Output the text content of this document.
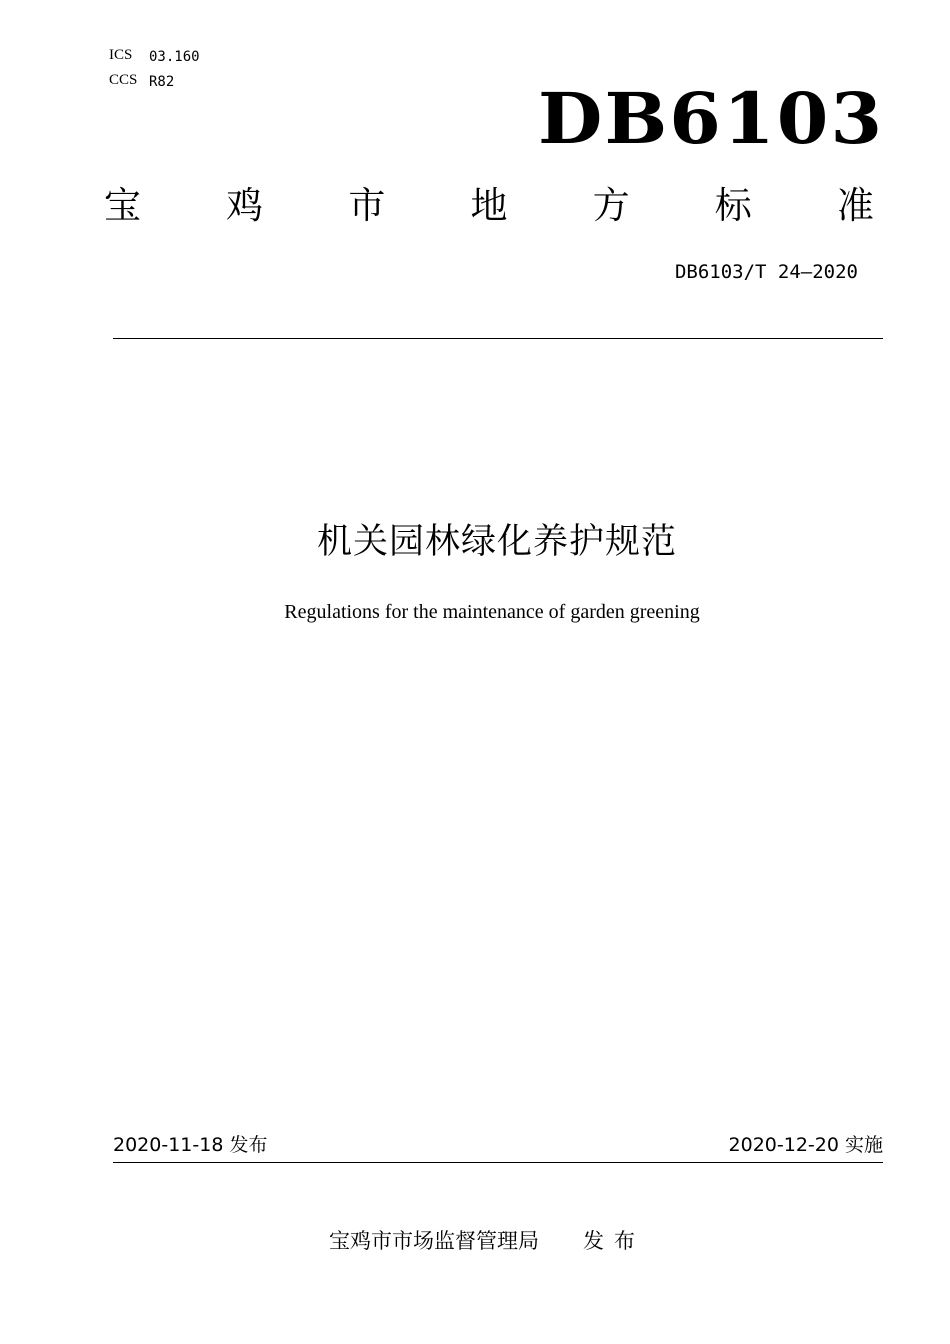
ICS 03.160
CCS R82	DB6103
宝 鸡 市 地 方 标 准
DB6103/T 24—2020
机关园林绿化养护规范
Regulations for the maintenance of garden greening
2020-11-18 发布	2020-12-20 实施
宝鸡市市场监督管理局 发布
